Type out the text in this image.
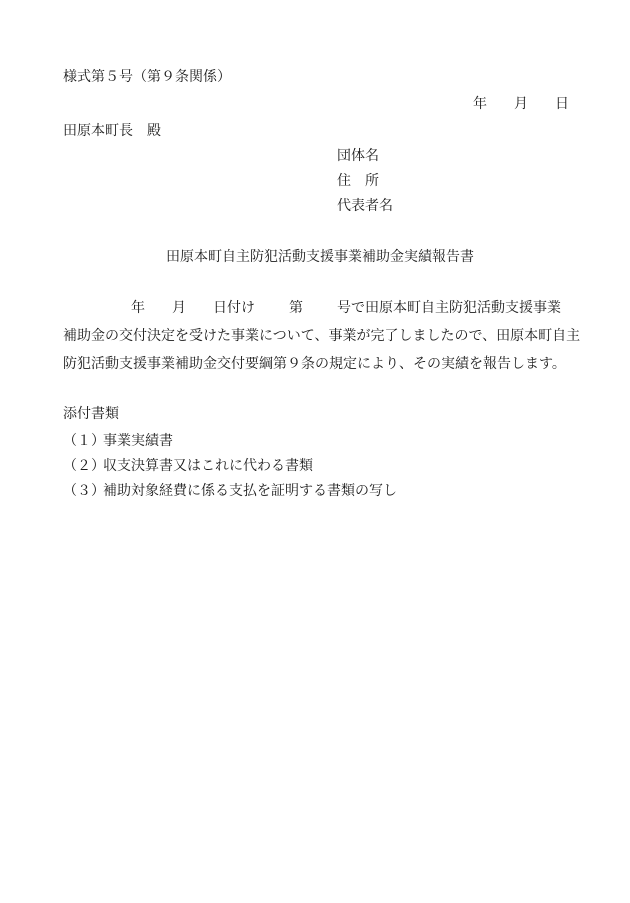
様式第５号（第９条関係）
年 月 日
田原本町長　殿
団体名
住　所
代表者名
田原本町自主防犯活動支援事業補助金実績報告書
年 月 日付け 第 号で田原本町自主防犯活動支援事業
補助金の交付決定を受けた事業について、事業が完了しましたので、田原本町自主
防犯活動支援事業補助金交付要綱第９条の規定により、その実績を報告します。
添付書類
（１）事業実績書
（２）収支決算書又はこれに代わる書類
（３）補助対象経費に係る支払を証明する書類の写し
